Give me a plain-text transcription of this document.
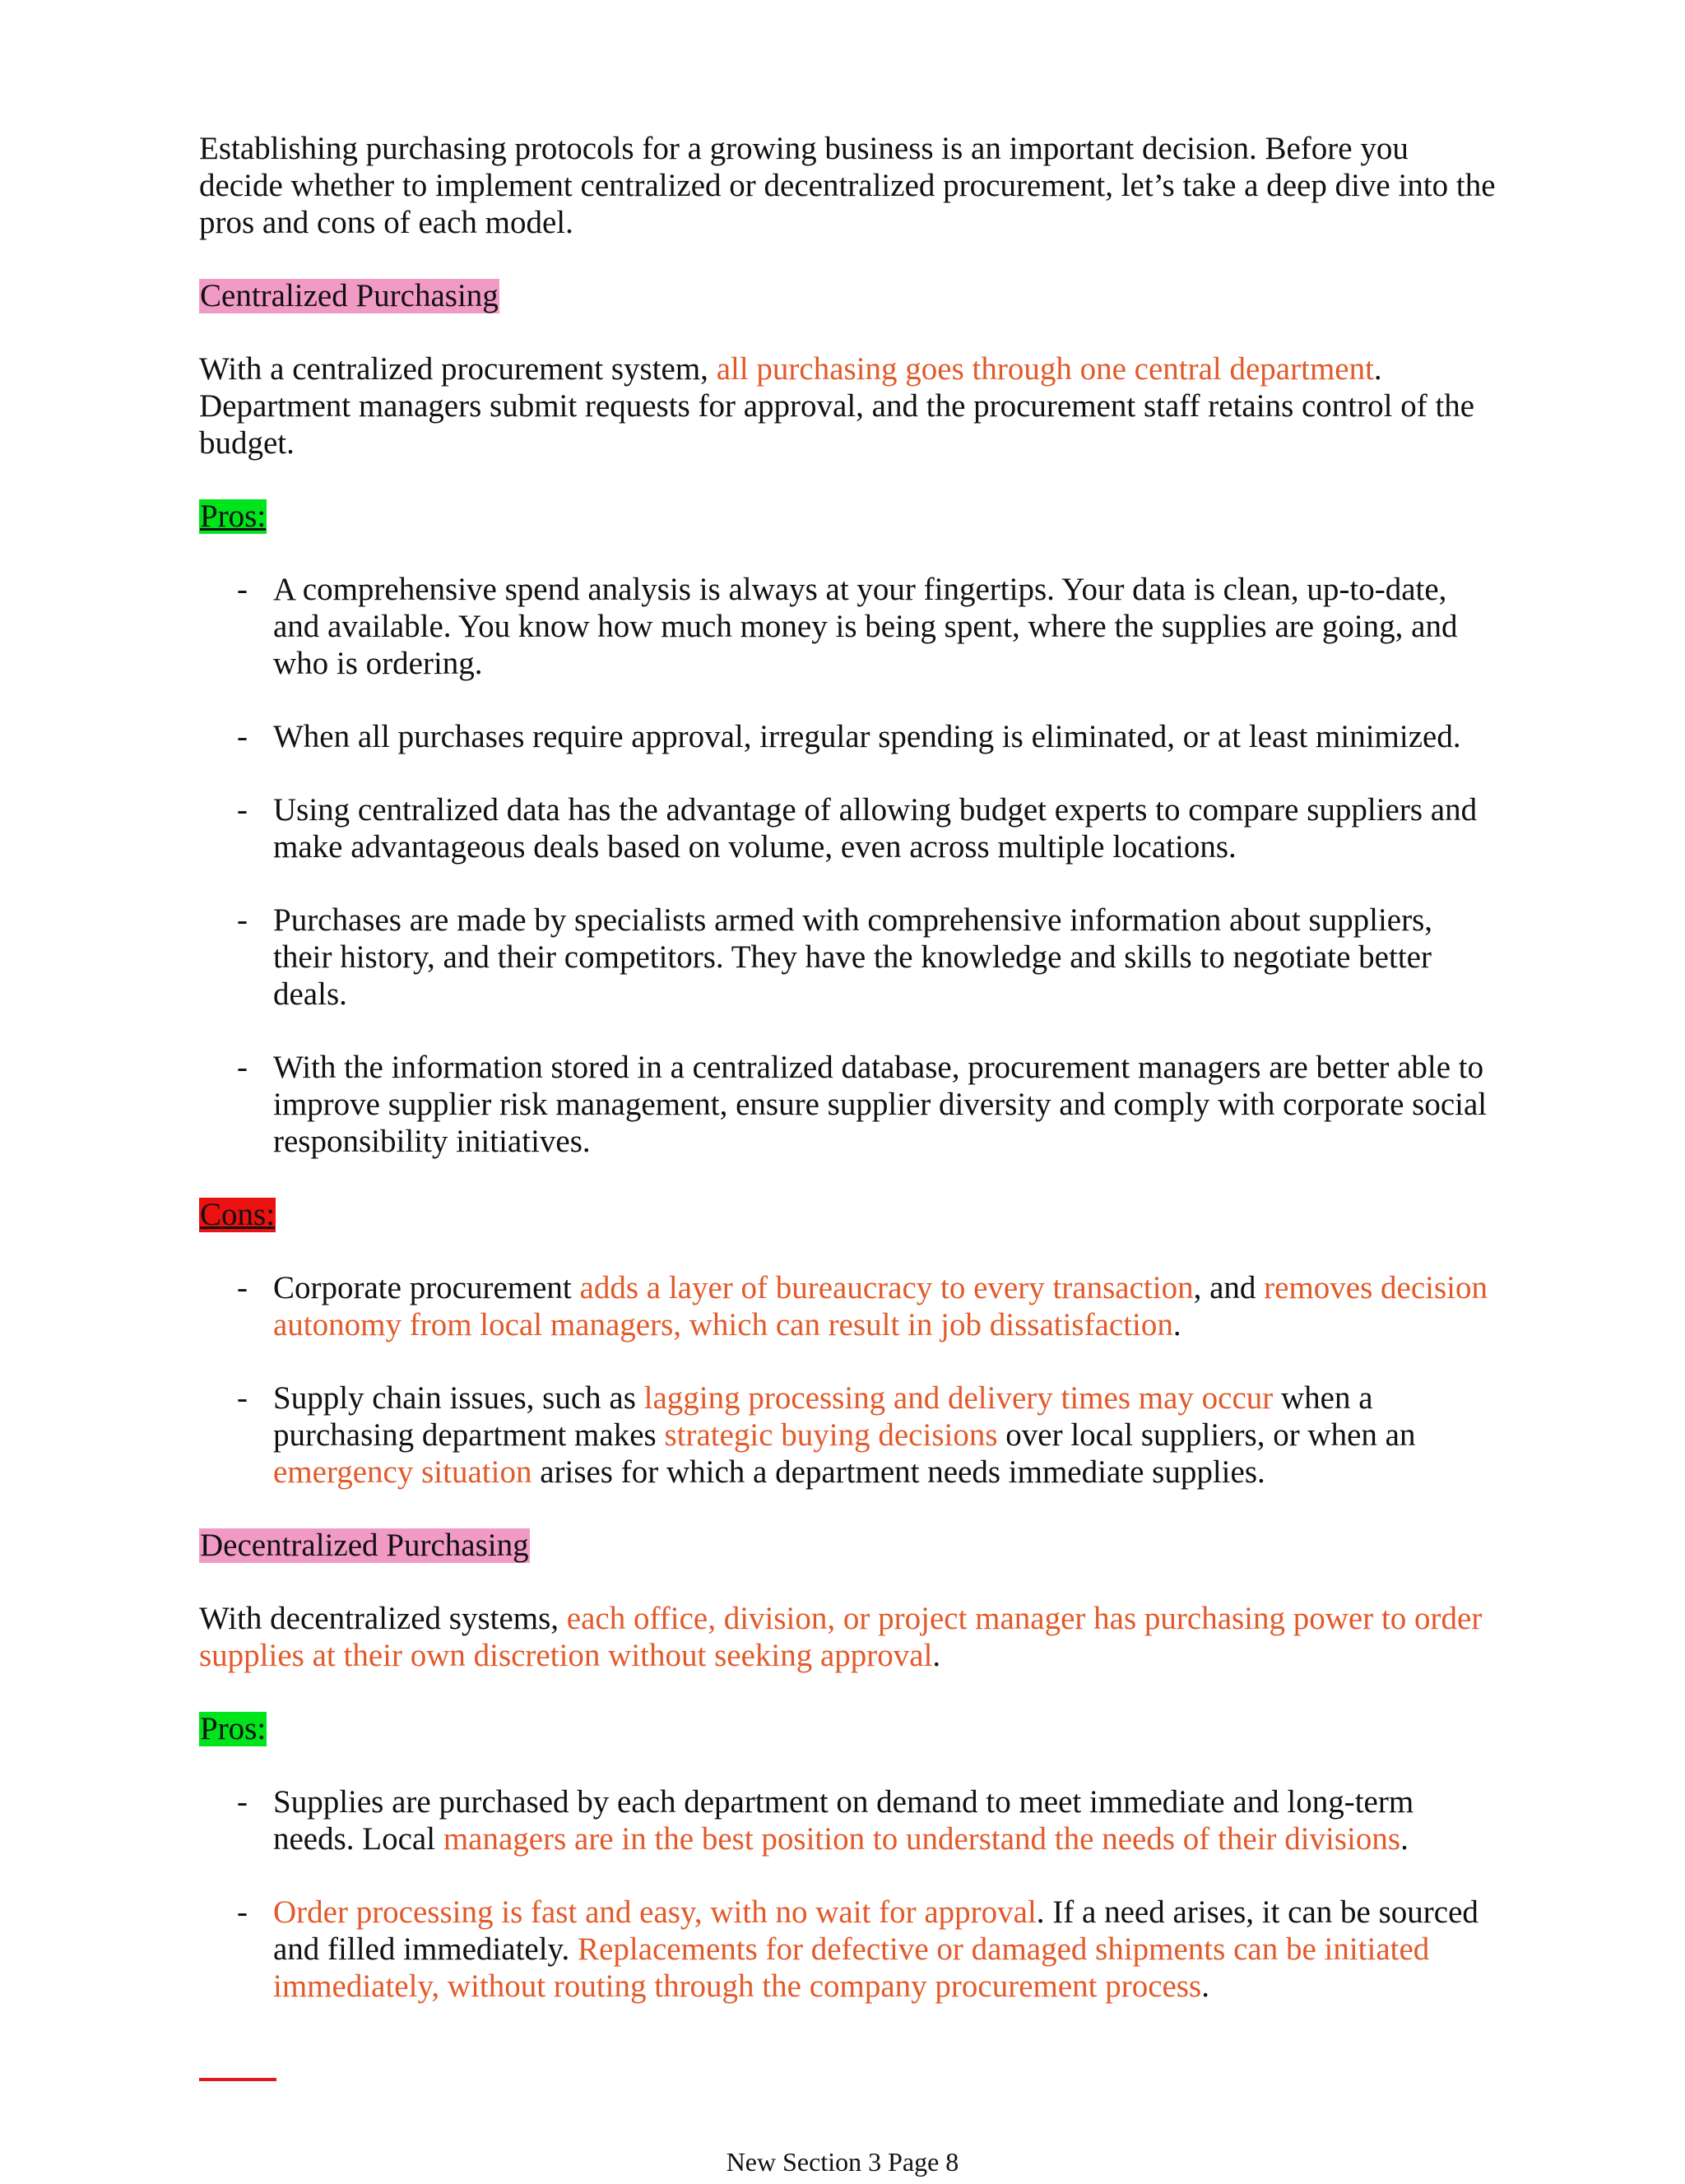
Establishing purchasing protocols for a growing business is an important decision. Before you decide whether to implement centralized or decentralized procurement, let’s take a deep dive into the pros and cons of each model.

Centralized Purchasing

With a centralized procurement system, all purchasing goes through one central department. Department managers submit requests for approval, and the procurement staff retains control of the budget.

Pros:

- A comprehensive spend analysis is always at your fingertips. Your data is clean, up-to-date, and available. You know how much money is being spent, where the supplies are going, and who is ordering.
- When all purchases require approval, irregular spending is eliminated, or at least minimized.
- Using centralized data has the advantage of allowing budget experts to compare suppliers and make advantageous deals based on volume, even across multiple locations.
- Purchases are made by specialists armed with comprehensive information about suppliers, their history, and their competitors. They have the knowledge and skills to negotiate better deals.
- With the information stored in a centralized database, procurement managers are better able to improve supplier risk management, ensure supplier diversity and comply with corporate social responsibility initiatives.

Cons:

- Corporate procurement adds a layer of bureaucracy to every transaction, and removes decision autonomy from local managers, which can result in job dissatisfaction.
- Supply chain issues, such as lagging processing and delivery times may occur when a purchasing department makes strategic buying decisions over local suppliers, or when an emergency situation arises for which a department needs immediate supplies.

Decentralized Purchasing

With decentralized systems, each office, division, or project manager has purchasing power to order supplies at their own discretion without seeking approval.

Pros:

- Supplies are purchased by each department on demand to meet immediate and long-term needs. Local managers are in the best position to understand the needs of their divisions.
- Order processing is fast and easy, with no wait for approval. If a need arises, it can be sourced and filled immediately. Replacements for defective or damaged shipments can be initiated immediately, without routing through the company procurement process.
New Section 3 Page 8
